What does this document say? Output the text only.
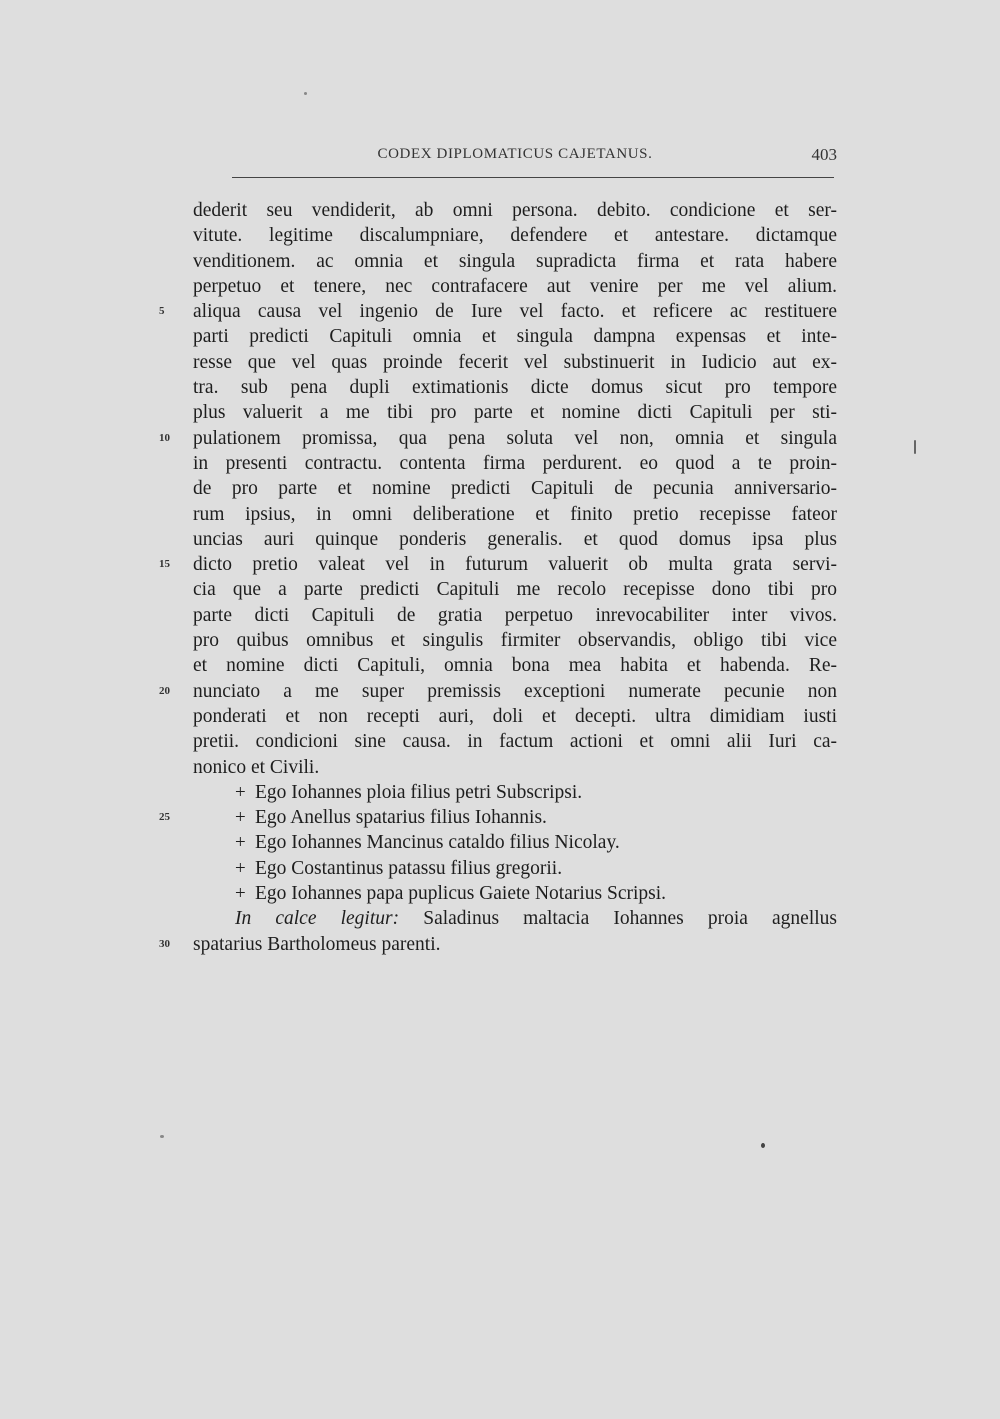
CODEX DIPLOMATICUS CAJETANUS.	403
dederit seu vendiderit, ab omni persona. debito. condicione et ser-
vitute. legitime discalumpniare, defendere et antestare. dictamque
venditionem. ac omnia et singula supradicta firma et rata habere
perpetuo et tenere, nec contrafacere aut venire per me vel alium.
5 aliqua causa vel ingenio de Iure vel facto. et reficere ac restituere
parti predicti Capituli omnia et singula dampna expensas et inte-
resse que vel quas proinde fecerit vel substinuerit in Iudicio aut ex-
tra. sub pena dupli extimationis dicte domus sicut pro tempore
plus valuerit a me tibi pro parte et nomine dicti Capituli per sti-
10 pulationem promissa, qua pena soluta vel non, omnia et singula
in presenti contractu. contenta firma perdurent. eo quod a te proin-
de pro parte et nomine predicti Capituli de pecunia anniversario-
rum ipsius, in omni deliberatione et finito pretio recepisse fateor
uncias auri quinque ponderis generalis. et quod domus ipsa plus
15 dicto pretio valeat vel in futurum valuerit ob multa grata servi-
cia que a parte predicti Capituli me recolo recepisse dono tibi pro
parte dicti Capituli de gratia perpetuo inrevocabiliter inter vivos.
pro quibus omnibus et singulis firmiter observandis, obligo tibi vice
et nomine dicti Capituli, omnia bona mea habita et habenda. Re-
20 nunciato a me super premissis exceptioni numerate pecunie non
ponderati et non recepti auri, doli et decepti. ultra dimidiam iusti
pretii. condicioni sine causa. in factum actioni et omni alii Iuri ca-
nonico et Civili.
+ Ego Iohannes ploia filius petri Subscripsi.
25	+ Ego Anellus spatarius filius Iohannis.
+ Ego Iohannes Mancinus cataldo filius Nicolay.
+ Ego Costantinus patassu filius gregorii.
+ Ego Iohannes papa puplicus Gaiete Notarius Scripsi.
In calce legitur: Saladinus maltacia Iohannes proia agnellus
30 spatarius Bartholomeus parenti.
